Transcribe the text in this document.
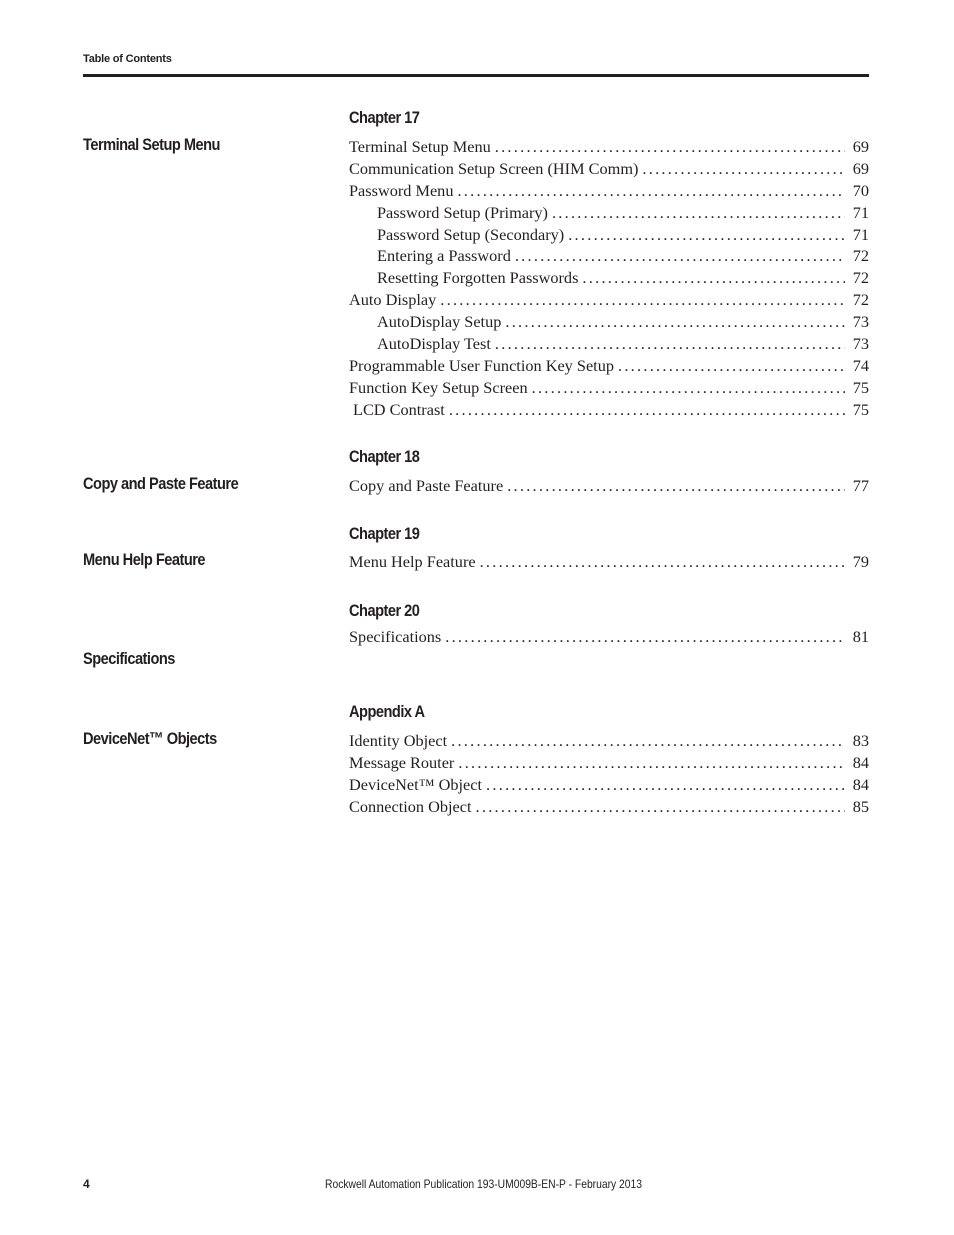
Table of Contents
Chapter 17
Terminal Setup Menu	Terminal Setup Menu . . .	69
Communication Setup Screen (HIM Comm) . . .	69
Password Menu . . .	70
Password Setup (Primary) . . .	71
Password Setup (Secondary) . . .	71
Entering a Password . . .	72
Resetting Forgotten Passwords . . .	72
Auto Display . . .	72
AutoDisplay Setup . . .	73
AutoDisplay Test . . .	73
Programmable User Function Key Setup . . .	74
Function Key Setup Screen . . .	75
LCD Contrast . . .	75
Chapter 18
Copy and Paste Feature	Copy and Paste Feature . . .	77
Chapter 19
Menu Help Feature	Menu Help Feature . . .	79
Chapter 20
Specifications . . .	81
Specifications
Appendix A
DeviceNet™ Objects	Identity Object . . .	83
Message Router . . .	84
DeviceNet™ Object . . .	84
Connection Object . . .	85
4	Rockwell Automation Publication 193-UM009B-EN-P - February 2013
